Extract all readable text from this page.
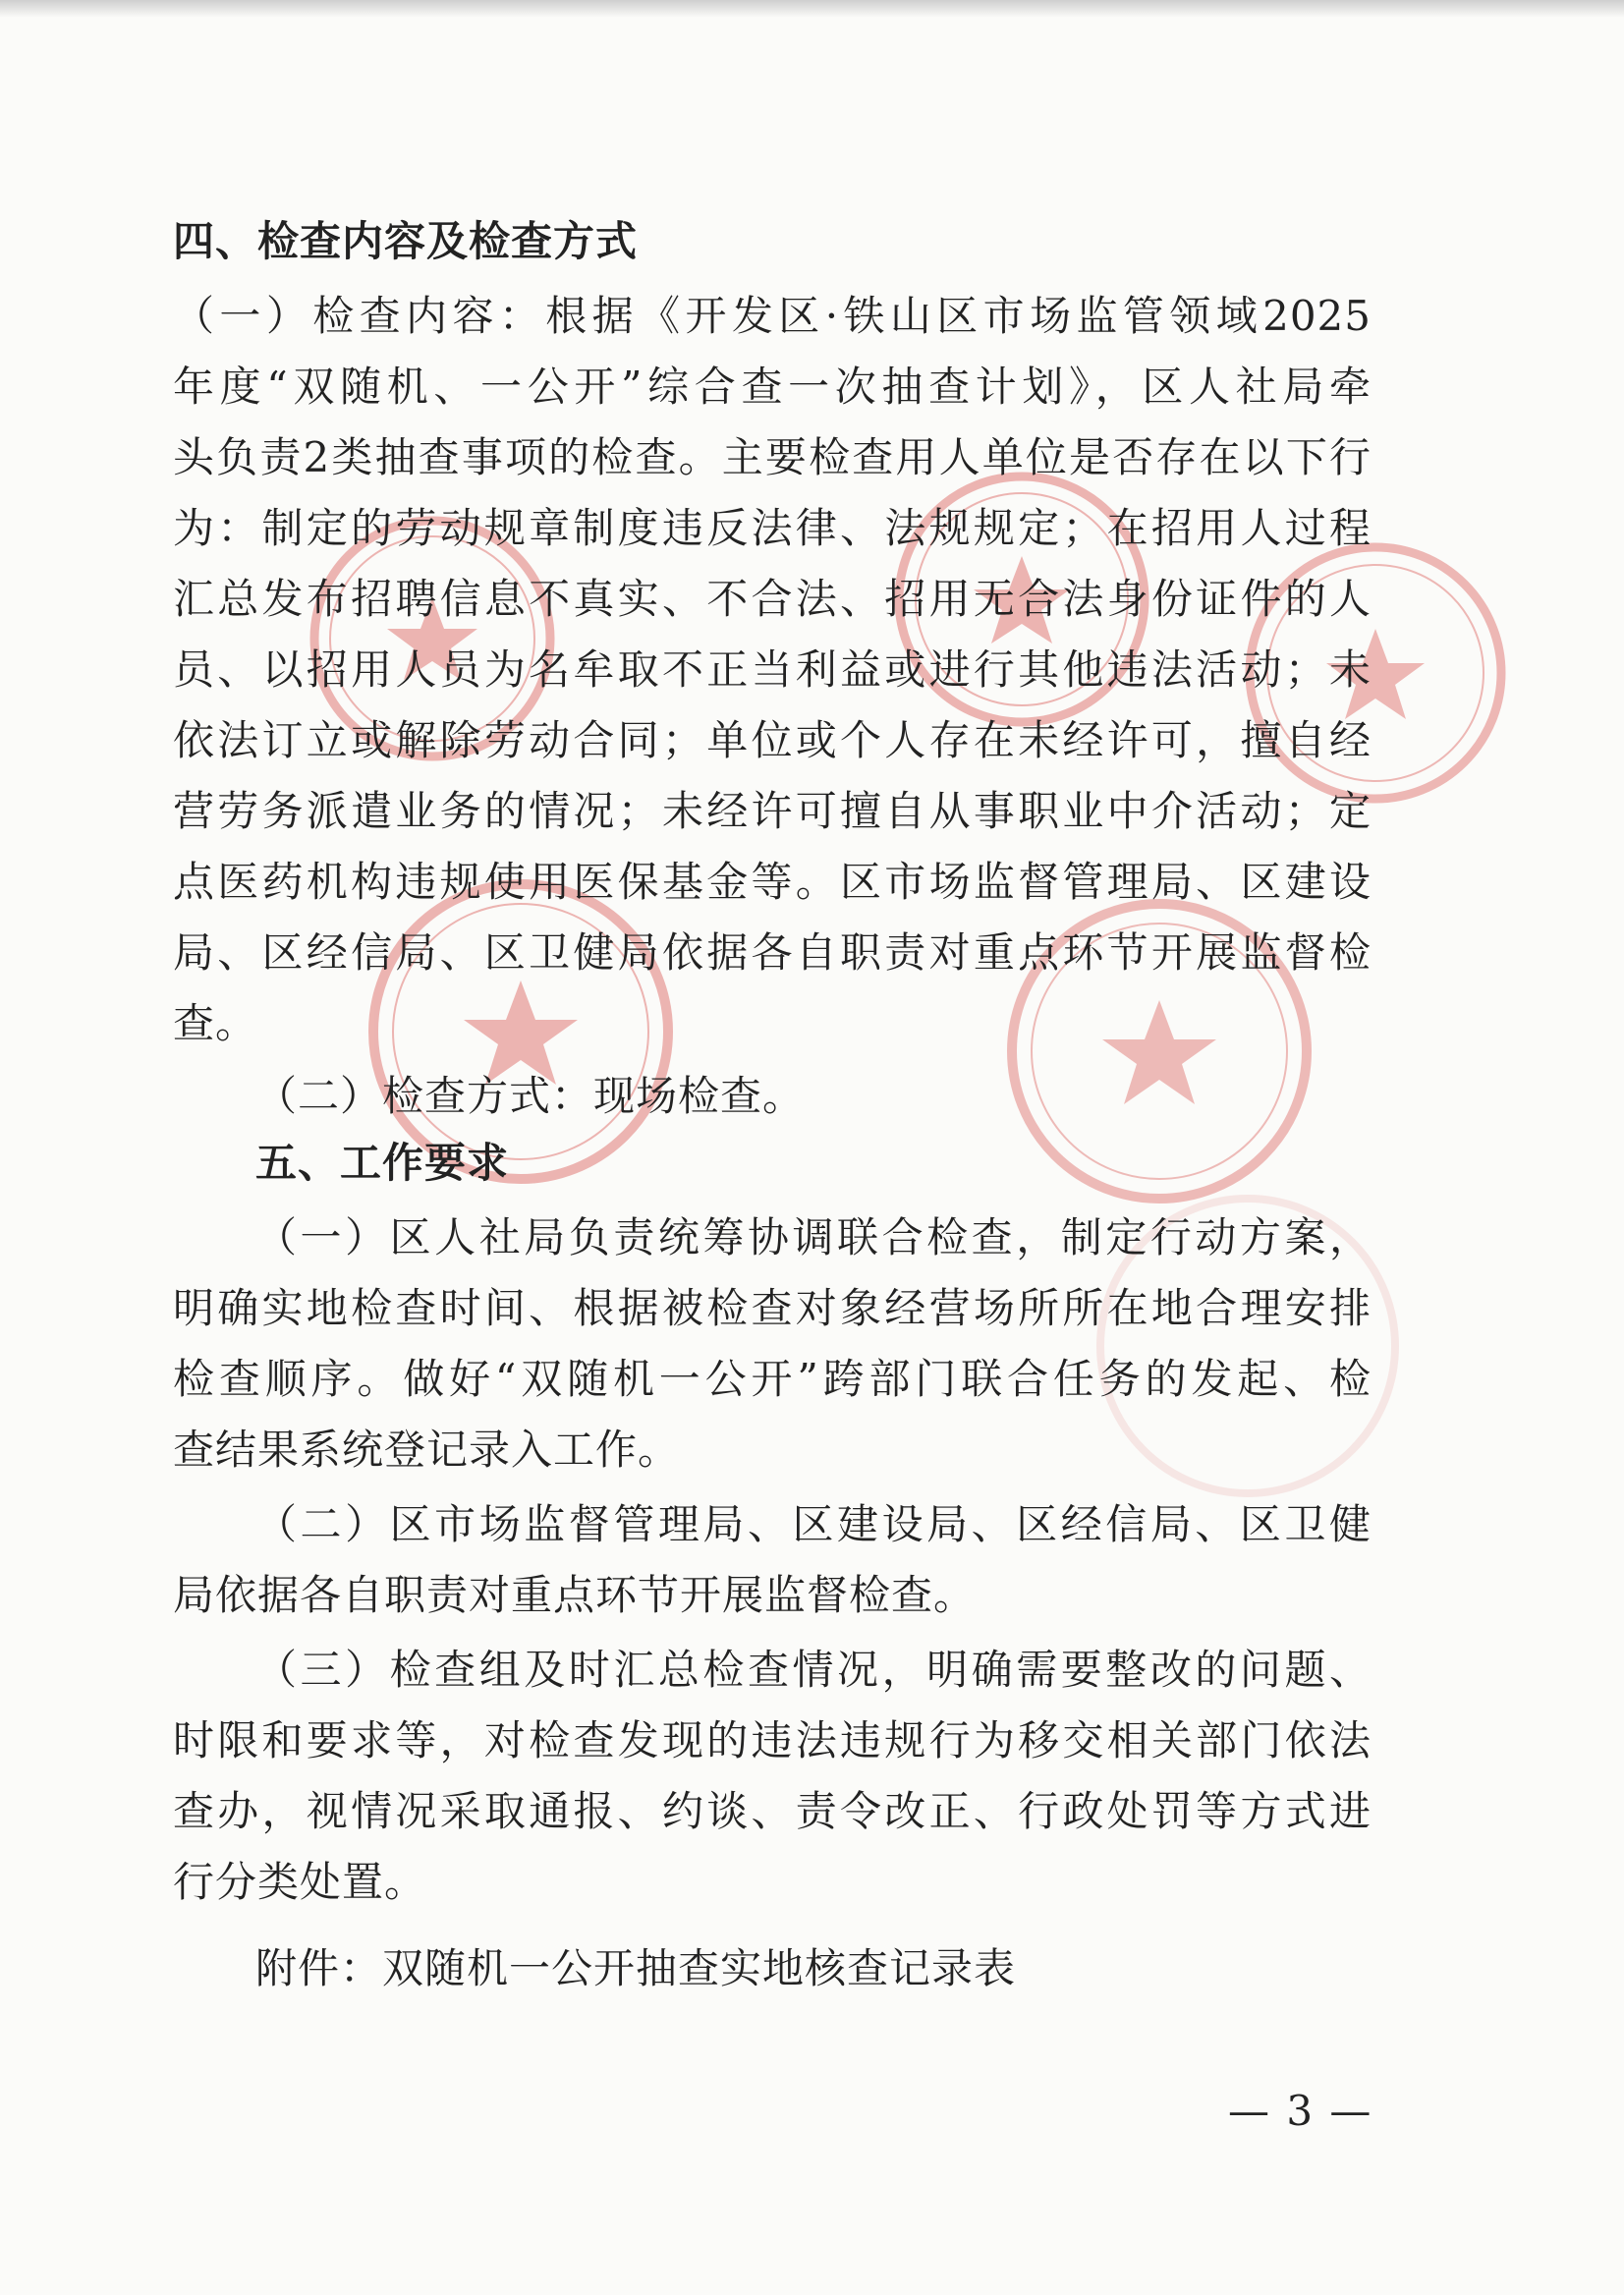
四、检查内容及检查方式
（一）检查内容：根据《开发区·铁山区市场监管领域2025
年度“双随机、一公开”综合查一次抽查计划》，区人社局牵
头负责2类抽查事项的检查。主要检查用人单位是否存在以下行
为：制定的劳动规章制度违反法律、法规规定；在招用人过程
汇总发布招聘信息不真实、不合法、招用无合法身份证件的人
员、以招用人员为名牟取不正当利益或进行其他违法活动；未
依法订立或解除劳动合同；单位或个人存在未经许可，擅自经
营劳务派遣业务的情况；未经许可擅自从事职业中介活动；定
点医药机构违规使用医保基金等。区市场监督管理局、区建设
局、区经信局、区卫健局依据各自职责对重点环节开展监督检
查。
（二）检查方式：现场检查。
五、工作要求
（一）区人社局负责统筹协调联合检查，制定行动方案，
明确实地检查时间、根据被检查对象经营场所所在地合理安排
检查顺序。做好“双随机一公开”跨部门联合任务的发起、检
查结果系统登记录入工作。
（二）区市场监督管理局、区建设局、区经信局、区卫健
局依据各自职责对重点环节开展监督检查。
（三）检查组及时汇总检查情况，明确需要整改的问题、
时限和要求等，对检查发现的违法违规行为移交相关部门依法
查办，视情况采取通报、约谈、责令改正、行政处罚等方式进
行分类处置。
附件：双随机一公开抽查实地核查记录表
— 3 —
